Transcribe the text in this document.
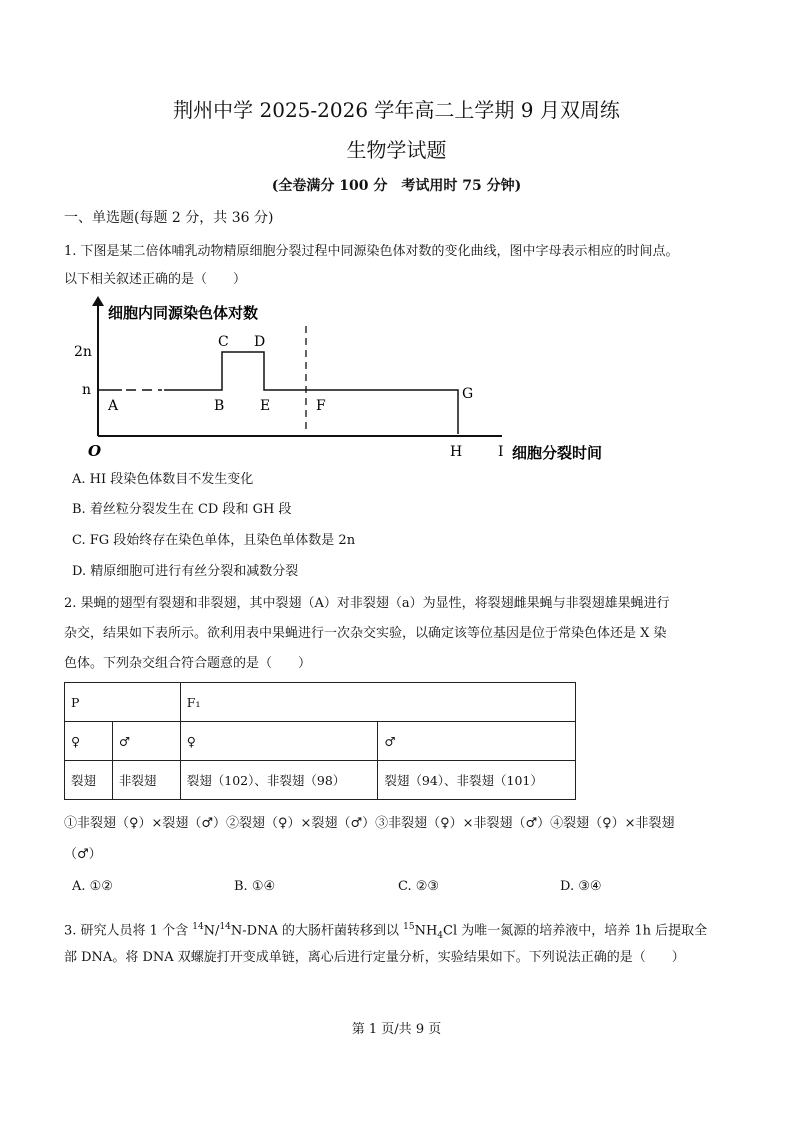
荆州中学 2025-2026 学年高二上学期 9 月双周练
生物学试题
(全卷满分 100 分　考试用时 75 分钟)
一、单选题(每题 2 分，共 36 分)
1. 下图是某二倍体哺乳动物精原细胞分裂过程中同源染色体对数的变化曲线，图中字母表示相应的时间点。
以下相关叙述正确的是（　　）
细胞内同源染色体对数
2n
n
O
A	B
C D
E	F
G
H	I 细胞分裂时间
A. HI 段染色体数目不发生变化
B. 着丝粒分裂发生在 CD 段和 GH 段
C. FG 段始终存在染色单体，且染色单体数是 2n
D. 精原细胞可进行有丝分裂和减数分裂
2. 果蝇的翅型有裂翅和非裂翅，其中裂翅（A）对非裂翅（a）为显性，将裂翅雌果蝇与非裂翅雄果蝇进行
杂交，结果如下表所示。欲利用表中果蝇进行一次杂交实验，以确定该等位基因是位于常染色体还是 X 染
色体。下列杂交组合符合题意的是（　　）
P		F₁	
♀	♂	♀	♂
裂翅	非裂翅	裂翅（102）、非裂翅（98）	裂翅（94）、非裂翅（101）
①非裂翅（♀）×裂翅（♂）②裂翅（♀）×裂翅（♂）③非裂翅（♀）×非裂翅（♂）④裂翅（♀）×非裂翅
（♂）
A. ①②	B. ①④	C. ②③	D. ③④
3. 研究人员将 1 个含 $^{14}$N/$^{14}$N-DNA 的大肠杆菌转移到以 $^{15}NH_4Cl$ 为唯一氮源的培养液中，培养 1h 后提取全
部 DNA。将 DNA 双螺旋打开变成单链，离心后进行定量分析，实验结果如下。下列说法正确的是（　　）
第 1 页/共 9 页
